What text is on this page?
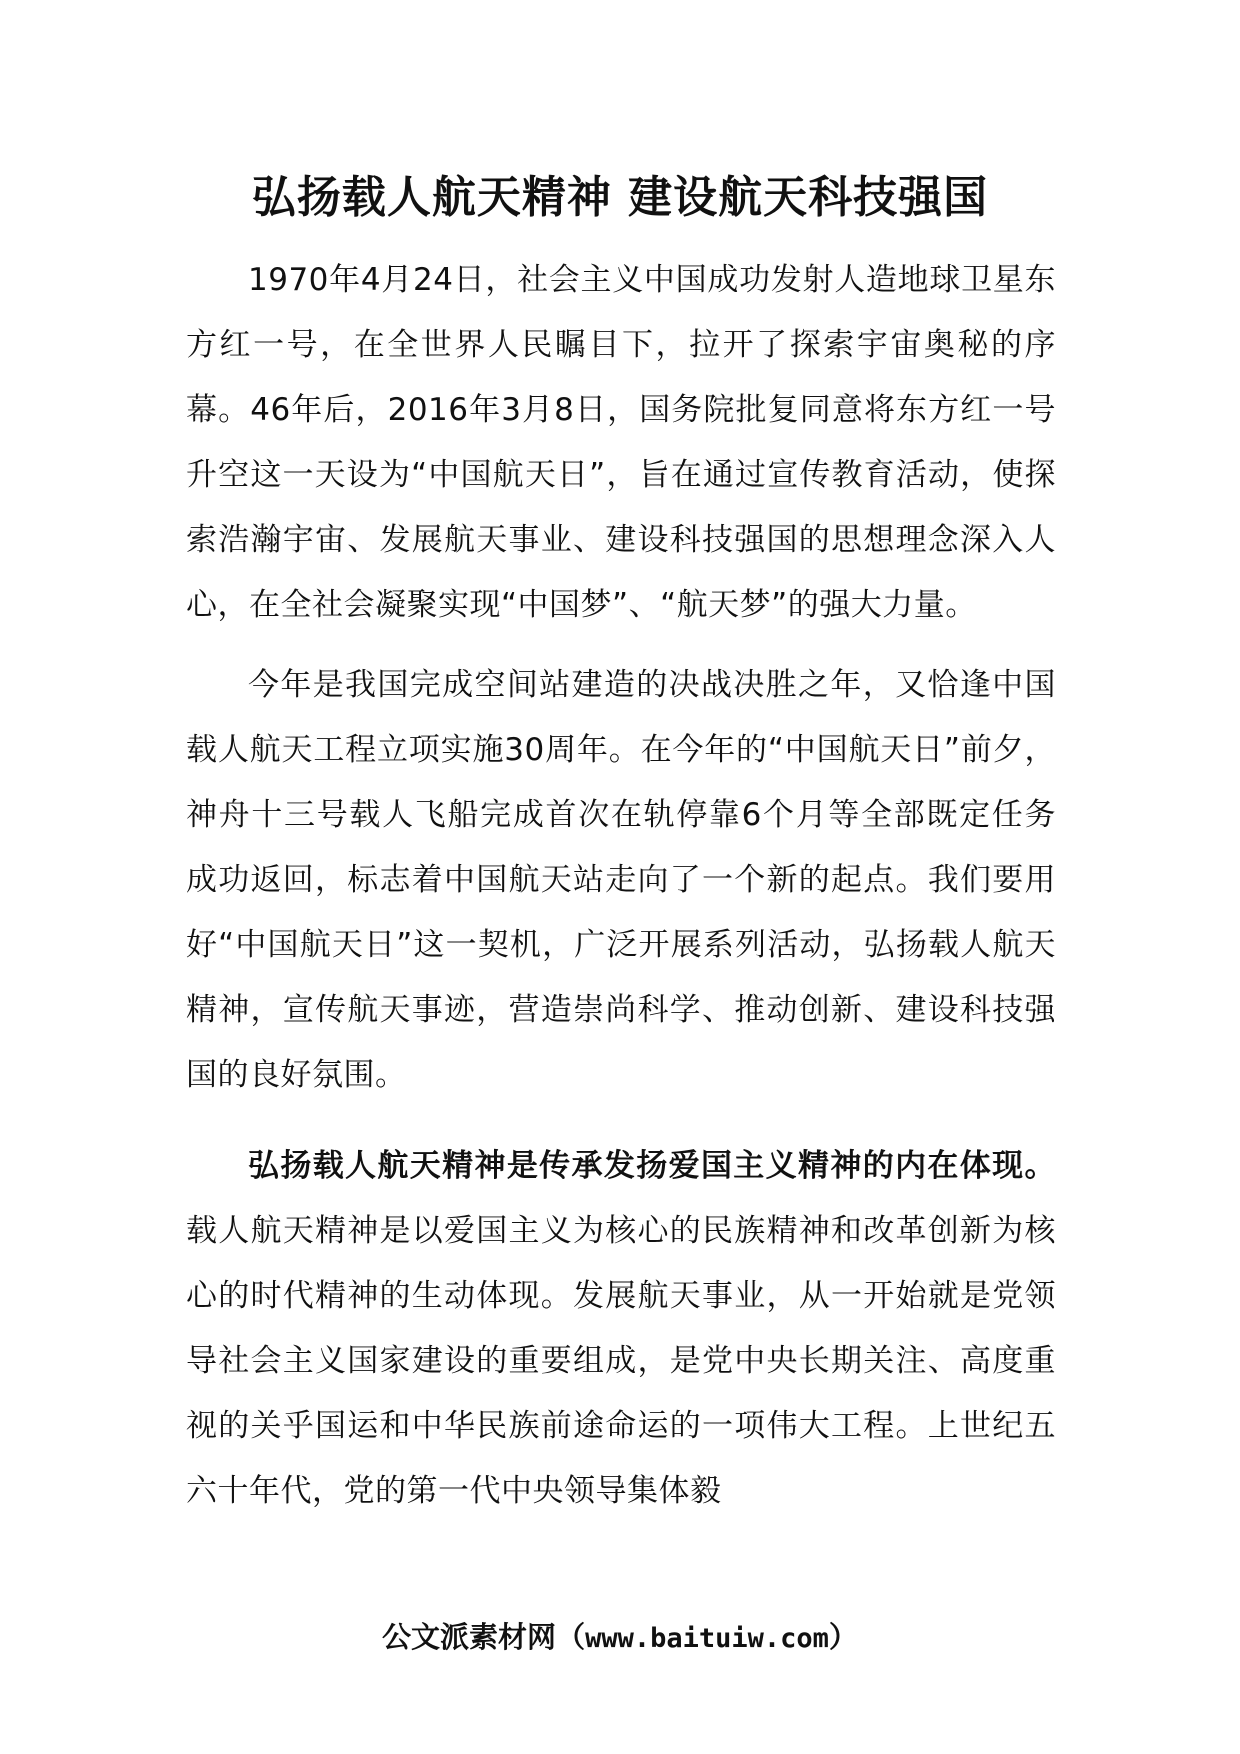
弘扬载人航天精神 建设航天科技强国

1970年4月24日，社会主义中国成功发射人造地球卫星东方红一号，在全世界人民瞩目下，拉开了探索宇宙奥秘的序幕。46年后，2016年3月8日，国务院批复同意将东方红一号升空这一天设为“中国航天日”，旨在通过宣传教育活动，使探索浩瀚宇宙、发展航天事业、建设科技强国的思想理念深入人心，在全社会凝聚实现“中国梦”、“航天梦”的强大力量。

今年是我国完成空间站建造的决战决胜之年，又恰逢中国载人航天工程立项实施30周年。在今年的“中国航天日”前夕，神舟十三号载人飞船完成首次在轨停靠6个月等全部既定任务成功返回，标志着中国航天站走向了一个新的起点。我们要用好“中国航天日”这一契机，广泛开展系列活动，弘扬载人航天精神，宣传航天事迹，营造崇尚科学、推动创新、建设科技强国的良好氛围。

弘扬载人航天精神是传承发扬爱国主义精神的内在体现。载人航天精神是以爱国主义为核心的民族精神和改革创新为核心的时代精神的生动体现。发展航天事业，从一开始就是党领导社会主义国家建设的重要组成，是党中央长期关注、高度重视的关乎国运和中华民族前途命运的一项伟大工程。上世纪五六十年代，党的第一代中央领导集体毅

公文派素材网（www.baituiw.com）
